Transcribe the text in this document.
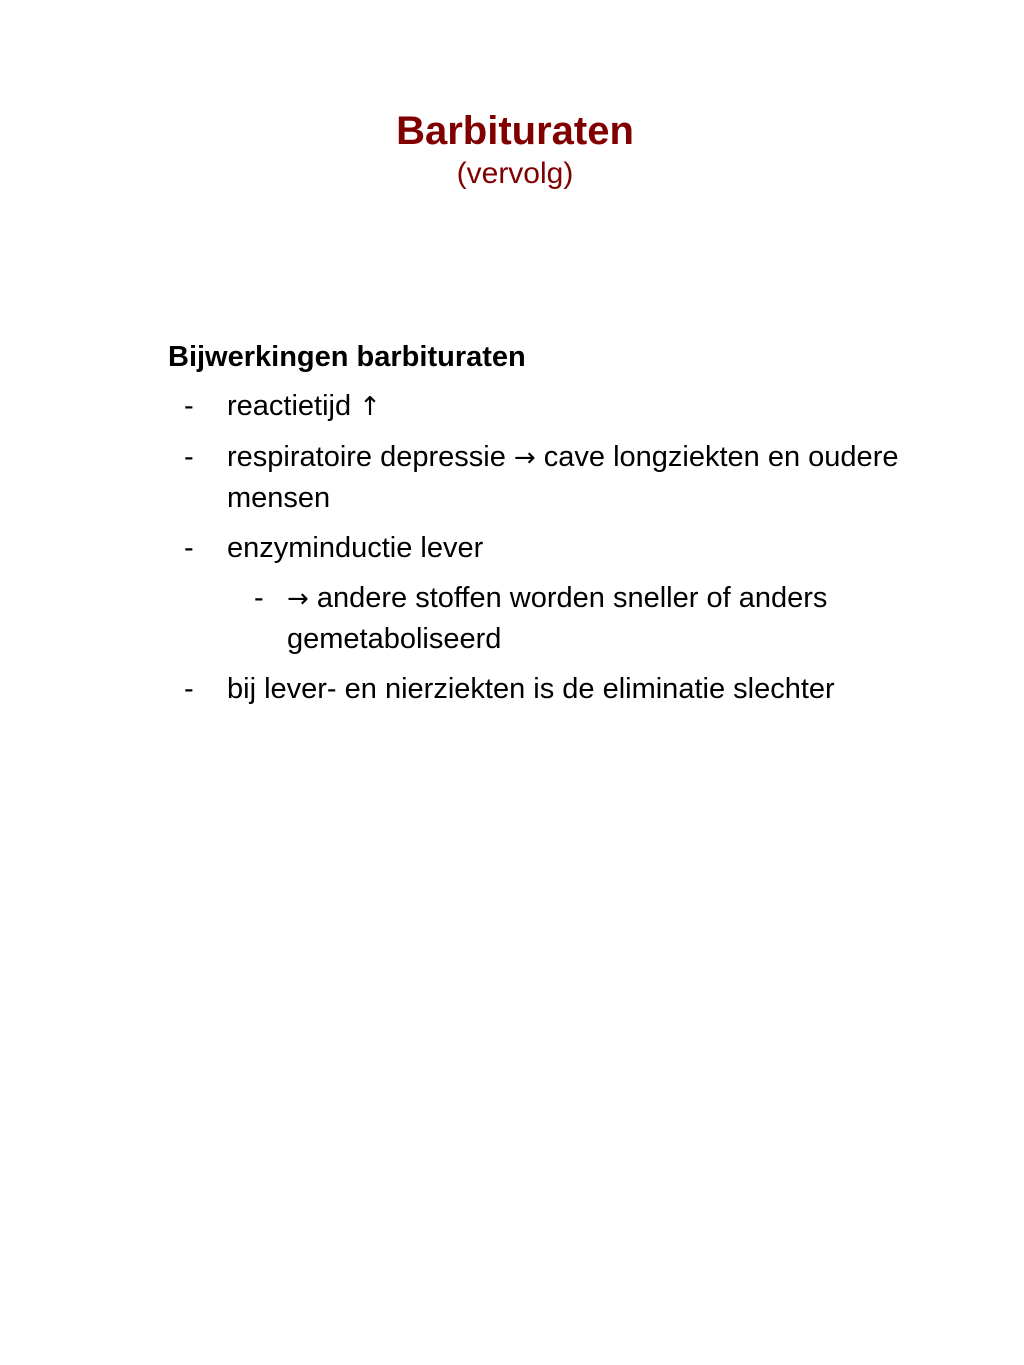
Barbituraten
(vervolg)
Bijwerkingen barbituraten
- reactietijd ↑
- respiratoire depressie → cave longziekten en oudere mensen
- enzyminductie lever
- → andere stoffen worden sneller of anders gemetaboliseerd
- bij lever- en nierziekten is de eliminatie slechter
